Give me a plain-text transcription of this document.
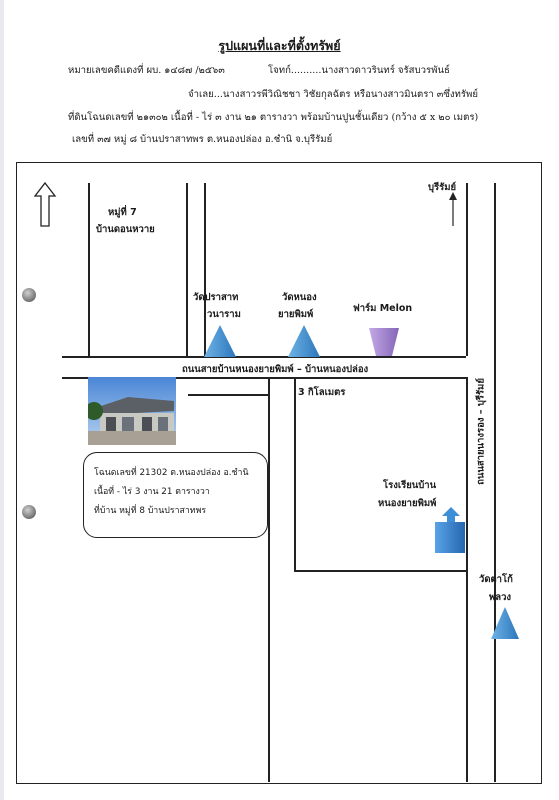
รูปแผนที่และที่ตั้งทรัพย์
หมายเลขคดีแดงที่ ผบ. ๑๔๘๗ /๒๕๖๓	โจทก์..........นางสาวดาวรินทร์ จรัสบวรพันธ์
จำเลย...นางสาวรพีวิณิชชา วิชัยกุลฉัตร หรือนางสาวมินตรา ๓ซึ่งทรัพย์
ที่ดินโฉนดเลขที่ ๒๑๓๐๒ เนื้อที่ - ไร่ ๓ งาน ๒๑ ตารางวา พร้อมบ้านปูนชั้นเดียว (กว้าง ๕ x ๒๐ เมตร)
เลขที่ ๓๗ หมู่ ๘ บ้านปราสาทพร ต.หนองปล่อง อ.ชำนิ จ.บุรีรัมย์
หมู่ที่ 7
บ้านดอนหวาย
บุรีรัมย์
วัดปราสาท
วนาราม
วัดหนอง
ยายพิมพ์
ฟาร์ม Melon
ถนนสายบ้านหนองยายพิมพ์ – บ้านหนองปล่อง
3 กิโลเมตร
โฉนดเลขที่ 21302 ต.หนองปล่อง อ.ชำนิ
เนื้อที่ - ไร่ 3 งาน 21 ตารางวา
ที่บ้าน หมู่ที่ 8 บ้านปราสาทพร
โรงเรียนบ้าน
หนองยายพิมพ์
ถนนสายนางรอง – บุรีรัมย์
วัดตาโก้
พลวง
